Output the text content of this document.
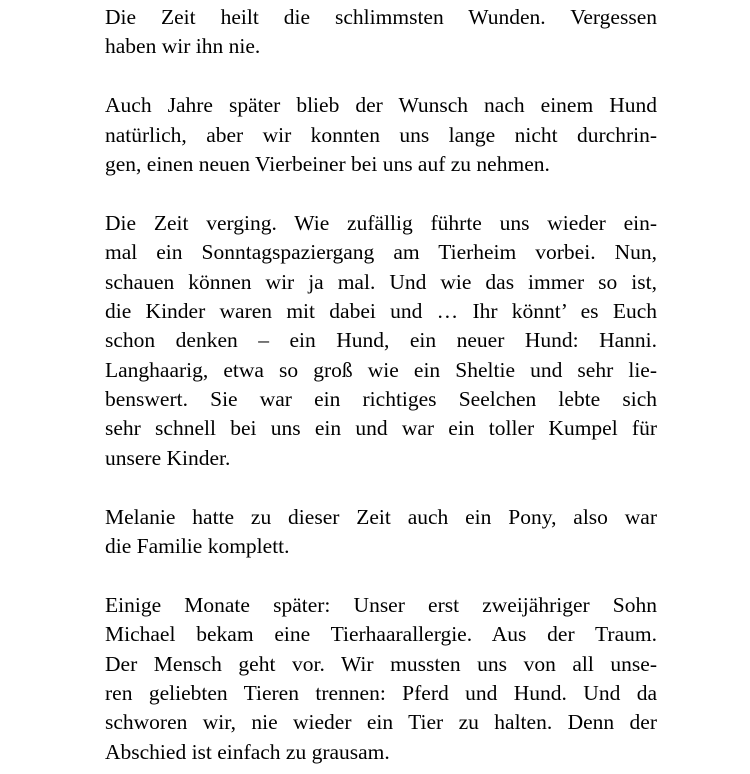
Die Zeit heilt die schlimmsten Wunden. Vergessen
haben wir ihn nie.
Auch Jahre später blieb der Wunsch nach einem Hund
natürlich, aber wir konnten uns lange nicht durchrin-
gen, einen neuen Vierbeiner bei uns auf zu nehmen.
Die Zeit verging. Wie zufällig führte uns wieder ein-
mal ein Sonntagspaziergang am Tierheim vorbei. Nun,
schauen können wir ja mal. Und wie das immer so ist,
die Kinder waren mit dabei und … Ihr könnt’ es Euch
schon denken – ein Hund, ein neuer Hund: Hanni.
Langhaarig, etwa so groß wie ein Sheltie und sehr lie-
benswert. Sie war ein richtiges Seelchen lebte sich
sehr schnell bei uns ein und war ein toller Kumpel für
unsere Kinder.
Melanie hatte zu dieser Zeit auch ein Pony, also war
die Familie komplett.
Einige Monate später: Unser erst zweijähriger Sohn
Michael bekam eine Tierhaarallergie. Aus der Traum.
Der Mensch geht vor. Wir mussten uns von all unse-
ren geliebten Tieren trennen: Pferd und Hund. Und da
schworen wir, nie wieder ein Tier zu halten. Denn der
Abschied ist einfach zu grausam.
